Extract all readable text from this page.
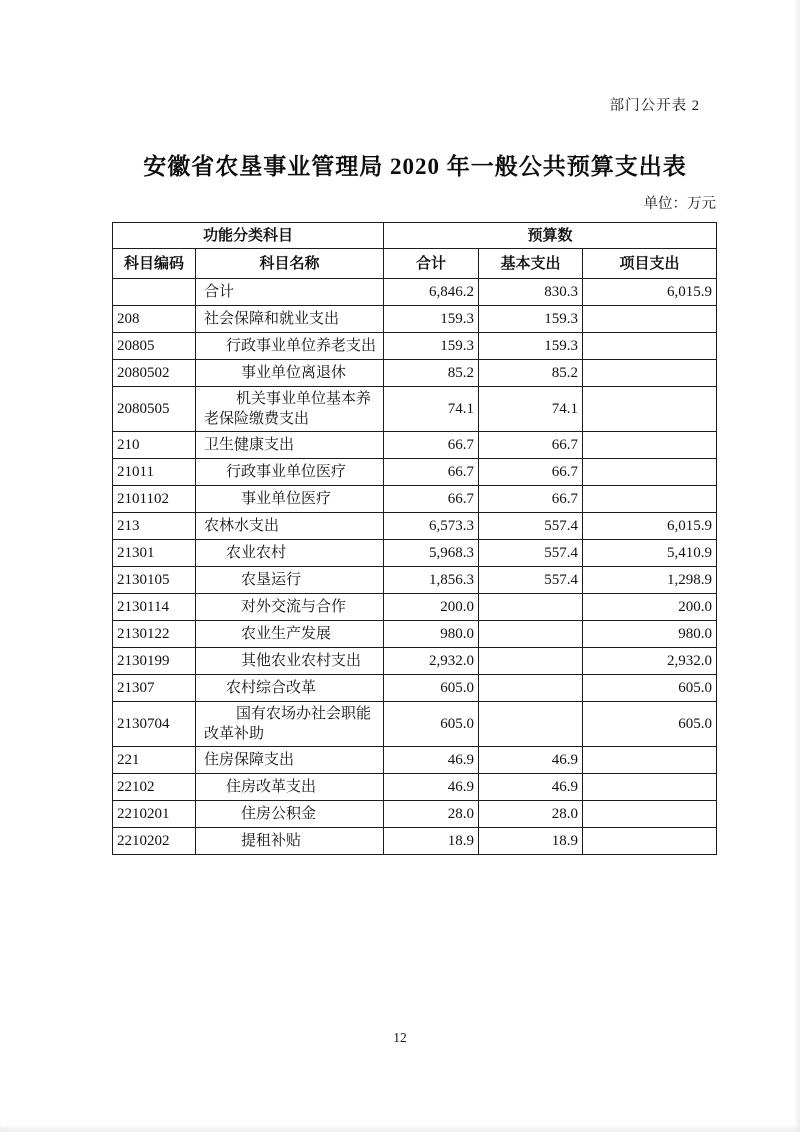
部门公开表 2
安徽省农垦事业管理局 2020 年一般公共预算支出表
单位：万元
功能分类科目		预算数		
科目编码	科目名称	合计	基本支出	项目支出
	合计	6,846.2	830.3	6,015.9
208	社会保障和就业支出	159.3	159.3	
20805	行政事业单位养老支出	159.3	159.3	
2080502	事业单位离退休	85.2	85.2	
2080505	机关事业单位基本养老保险缴费支出	74.1	74.1	
210	卫生健康支出	66.7	66.7	
21011	行政事业单位医疗	66.7	66.7	
2101102	事业单位医疗	66.7	66.7	
213	农林水支出	6,573.3	557.4	6,015.9
21301	农业农村	5,968.3	557.4	5,410.9
2130105	农垦运行	1,856.3	557.4	1,298.9
2130114	对外交流与合作	200.0		200.0
2130122	农业生产发展	980.0		980.0
2130199	其他农业农村支出	2,932.0		2,932.0
21307	农村综合改革	605.0		605.0
2130704	国有农场办社会职能改革补助	605.0		605.0
221	住房保障支出	46.9	46.9	
22102	住房改革支出	46.9	46.9	
2210201	住房公积金	28.0	28.0	
2210202	提租补贴	18.9	18.9	
12
